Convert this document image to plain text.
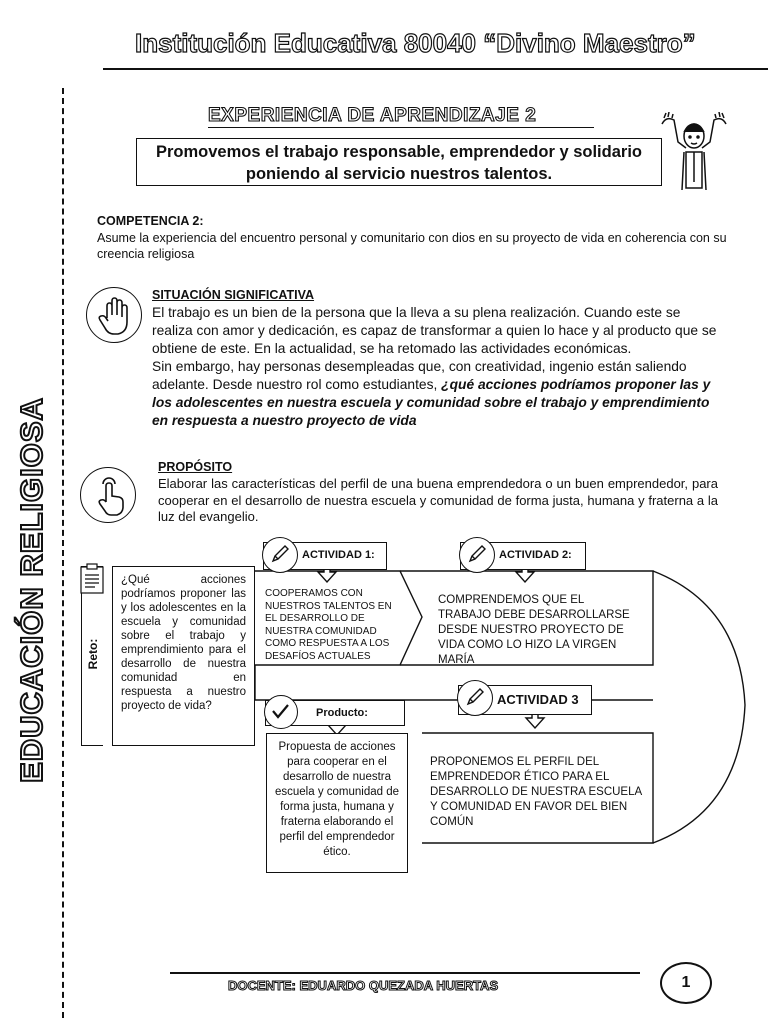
Institución Educativa 80040 “Divino Maestro”
EDUCACIÓN RELIGIOSA
EXPERIENCIA DE APRENDIZAJE 2
Promovemos el trabajo responsable, emprendedor y solidario
poniendo al servicio nuestros talentos.
COMPETENCIA 2:
Asume la experiencia del encuentro personal y comunitario con dios en su proyecto de vida en coherencia con su creencia religiosa
SITUACIÓN SIGNIFICATIVA
El trabajo es un bien de la persona que la lleva a su plena realización. Cuando este se realiza con amor y dedicación, es capaz de transformar a quien lo hace y al producto que se obtiene de este. En la actualidad, se ha retomado las actividades económicas.
Sin embargo, hay personas desempleadas que, con creatividad, ingenio están saliendo adelante. Desde nuestro rol como estudiantes, ¿qué acciones podríamos proponer las y los adolescentes en nuestra escuela y comunidad sobre el trabajo y emprendimiento en respuesta a nuestro proyecto de vida
PROPÓSITO
Elaborar las características del perfil de una buena emprendedora o un buen emprendedor, para cooperar en el desarrollo de nuestra escuela y comunidad de forma justa, humana y fraterna a la luz del evangelio.
Reto:
¿Qué acciones podríamos proponer las y los adolescentes en la escuela y comunidad sobre el trabajo y emprendimiento para el desarrollo de nuestra comunidad en respuesta a nuestro proyecto de vida?
ACTIVIDAD 1:
COOPERAMOS CON NUESTROS TALENTOS EN EL DESARROLLO DE NUESTRA COMUNIDAD COMO RESPUESTA A LOS DESAFÍOS ACTUALES
ACTIVIDAD 2:
COMPRENDEMOS QUE EL TRABAJO DEBE DESARROLLARSE DESDE NUESTRO PROYECTO DE VIDA COMO LO HIZO LA VIRGEN MARÍA
ACTIVIDAD 3
PROPONEMOS EL PERFIL DEL EMPRENDEDOR ÉTICO PARA EL DESARROLLO DE NUESTRA ESCUELA Y COMUNIDAD EN FAVOR DEL BIEN COMÚN
Producto:
Propuesta de acciones para cooperar en el desarrollo de nuestra escuela y comunidad de forma justa, humana y fraterna elaborando el perfil del emprendedor ético.
DOCENTE: EDUARDO QUEZADA HUERTAS	1
